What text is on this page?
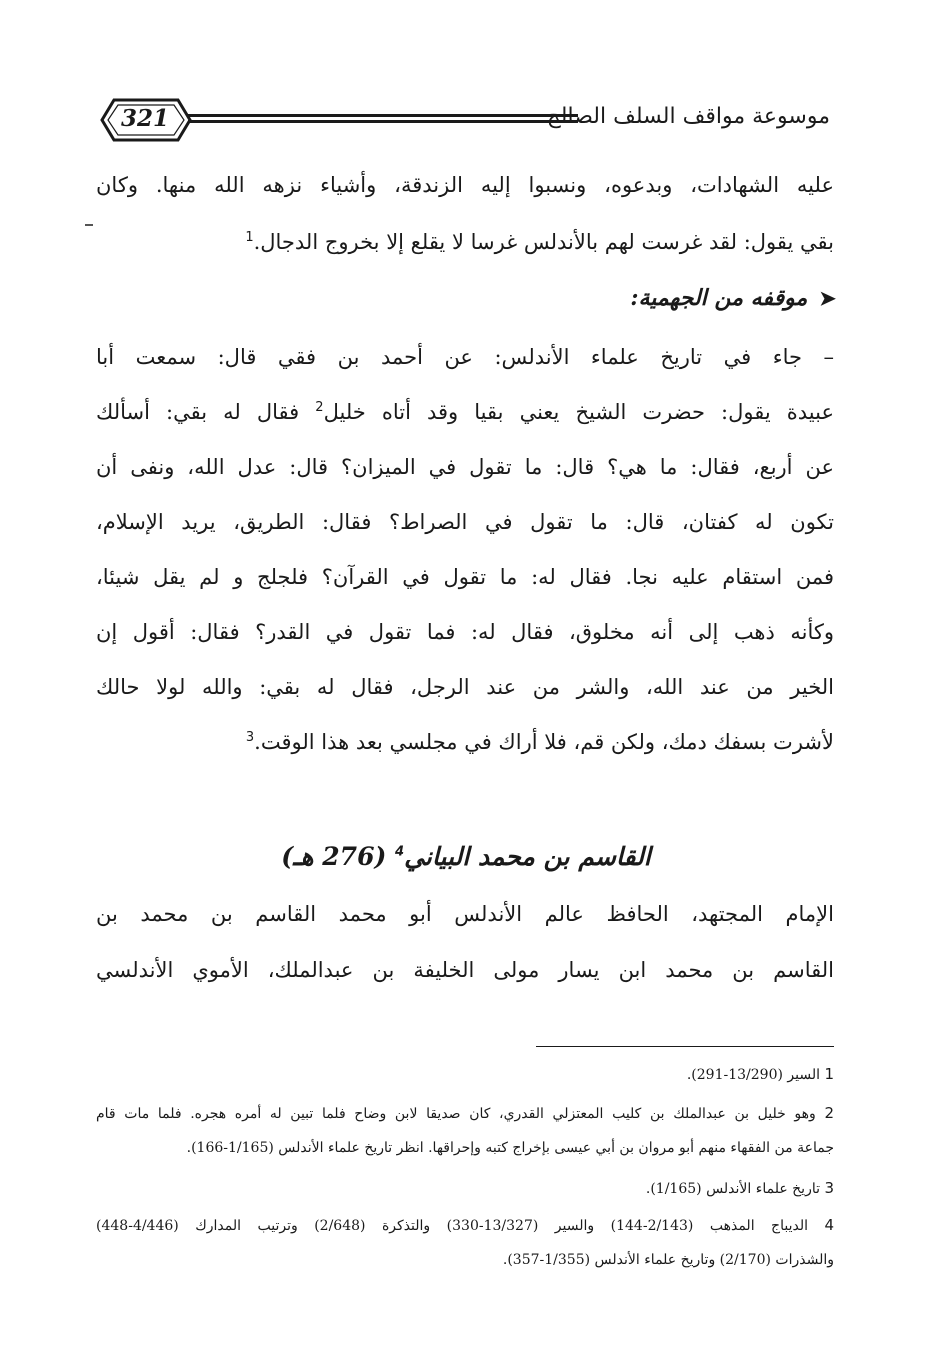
321	موسوعة مواقف السلف الصالح
عليه الشهادات، وبدعوه، ونسبوا إليه الزندقة، وأشياء نزهه الله منها. وكان
بقي يقول: لقد غرست لهم بالأندلس غرسا لا يقلع إلا بخروج الدجال.$^1$
➤موقفه من الجهمية:
– جاء في تاريخ علماء الأندلس: عن أحمد بن فقي قال: سمعت أبا
عبيدة يقول: حضرت الشيخ يعني بقيا وقد أتاه خليل$^2$ فقال له بقي: أسألك
عن أربع، فقال: ما هي؟ قال: ما تقول في الميزان؟ قال: عدل الله، ونفى أن
تكون له كفتان، قال: ما تقول في الصراط؟ فقال: الطريق، يريد الإسلام،
فمن استقام عليه نجا. فقال له: ما تقول في القرآن؟ فلجلج و لم يقل شيئا،
وكأنه ذهب إلى أنه مخلوق، فقال له: فما تقول في القدر؟ فقال: أقول إن
الخير من عند الله، والشر من عند الرجل، فقال له بقي: والله لولا حالك
لأشرت بسفك دمك، ولكن قم، فلا أراك في مجلسي بعد هذا الوقت.$^3$
القاسم بن محمد البياني$^4$ (276 هـ)
الإمام المجتهد، الحافظ عالم الأندلس أبو محمد القاسم بن محمد بن
القاسم بن محمد ابن يسار مولى الخليفة بن عبدالملك، الأموي الأندلسي
1 السير (13/290-291).
2 وهو خليل بن عبدالملك بن كليب المعتزلي القدري، كان صديقا لابن وضاح فلما تبين له أمره هجره. فلما مات قام
جماعة من الفقهاء منهم أبو مروان بن أبي عيسى بإخراج كتبه وإحراقها. انظر تاريخ علماء الأندلس (1/165-166).
3 تاريخ علماء الأندلس (1/165).
4 الديباج المذهب (2/143-144) والسير (13/327-330) والتذكرة (2/648) وترتيب المدارك (4/446-448)
والشذرات (2/170) وتاريخ علماء الأندلس (1/355-357).
